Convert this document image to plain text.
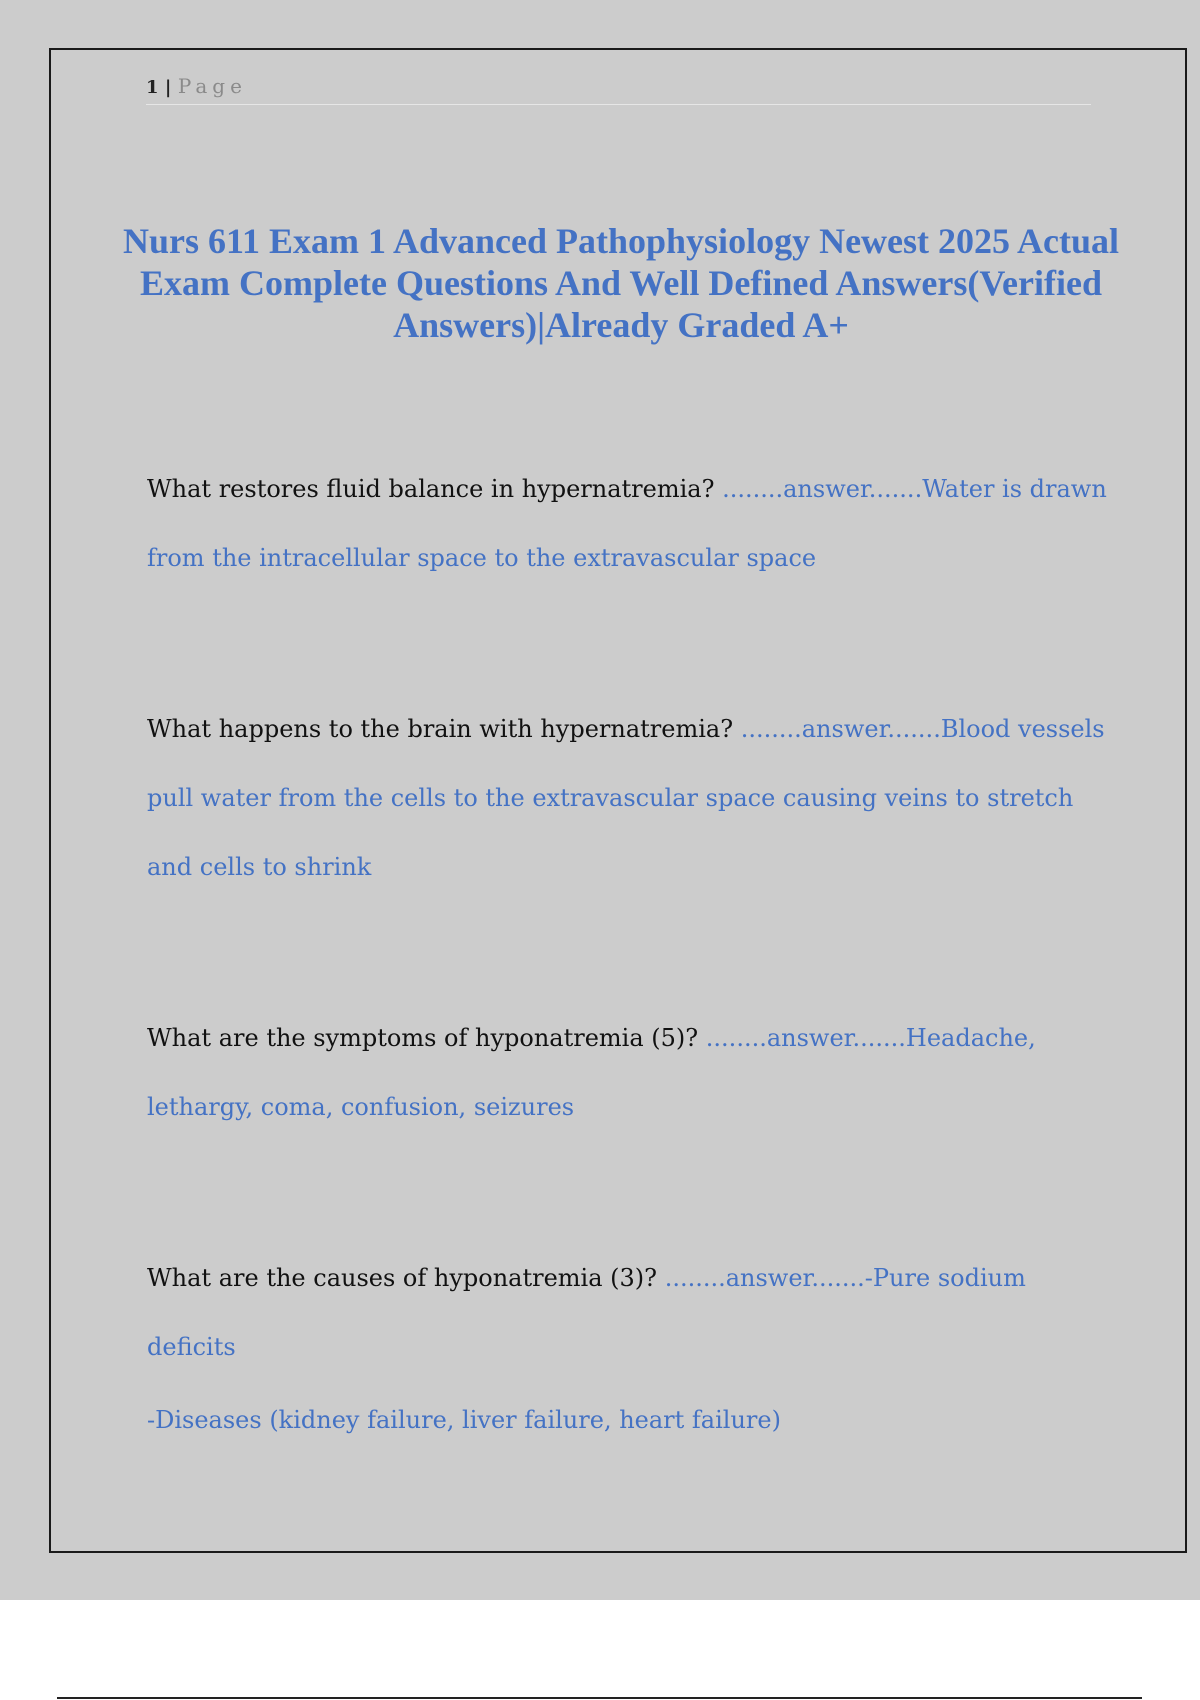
1 | Page
Nurs 611 Exam 1 Advanced Pathophysiology Newest 2025 Actual Exam Complete Questions And Well Defined Answers(Verified Answers)|Already Graded A+

What restores fluid balance in hypernatremia? ........answer.......Water is drawn from the intracellular space to the extravascular space

What happens to the brain with hypernatremia? ........answer.......Blood vessels pull water from the cells to the extravascular space causing veins to stretch and cells to shrink

What are the symptoms of hyponatremia (5)? ........answer.......Headache, lethargy, coma, confusion, seizures

What are the causes of hyponatremia (3)? ........answer.......-Pure sodium deficits

-Diseases (kidney failure, liver failure, heart failure)
